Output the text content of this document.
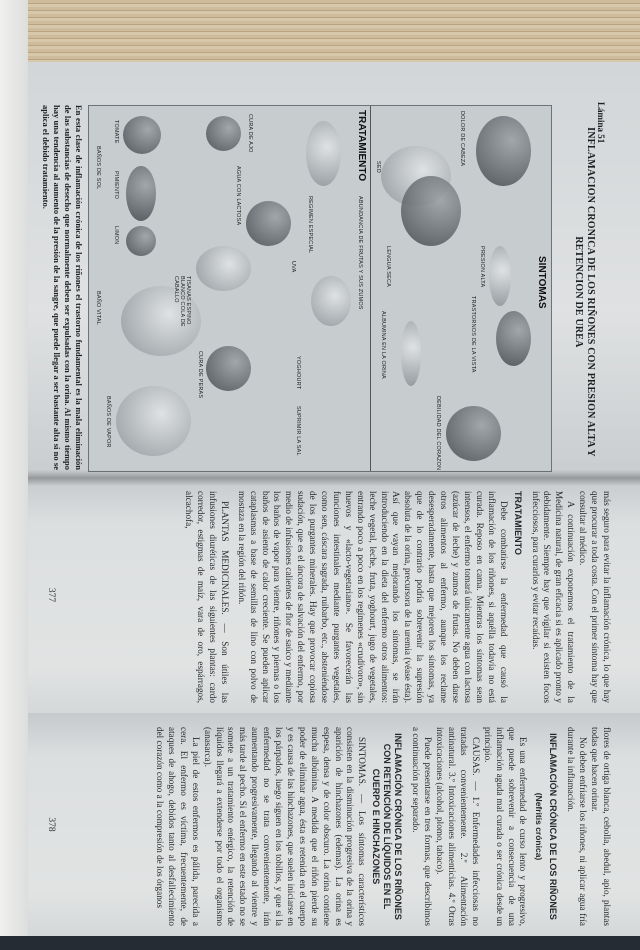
Lámina 51
INFLAMACION CRONICA DE LOS RIÑONES CON PRESION ALTA Y RETENCION DE UREA
SINTOMAS
TRATAMIENTO	DOLOR DE CABEZA
SED
LENGUA SECA	PRESION ALTA
TRASTORNOS DE LA VISTA
ALBUMINA EN LA ORINA
DEBILIDAD DEL CORAZON
ABUNDANCIA DE FRUTAS Y SUS ZUMOS
REGIMEN ESPECIAL
CURA DE AJO
AGUA CON LACTOSA
UVA
TISANAS ESPINO BLANCO COLA DE CABALLO
YOGHOURT
CURA DE PERAS
SUPRIMIR LA SAL
TOMATE
PIMIENTO
LIMON
BAÑOS DE SOL
BAÑO VITAL
BAÑOS DE VAPOR
En esta clase de inflamación crónica de los riñones el trastorno fundamental es la mala eliminación de las substancias de desecho que normalmente deben ser expulsadas con la orina. Al mismo tiempo hay una tendencia al aumento de la presión de la sangre, que puede llegar a ser bastante alta si no se aplica el debido tratamiento.

más seguro para evitar la inflamación crónica, lo que hay que procurar a toda costa. Con el primer síntoma hay que consultar al médico.

A continuación exponemos el tratamiento de la Medicina natural, de gran eficacia si es aplicado pronto y debidamente. Siempre hay que vigilar si existen focos infecciosos, para curarlos y evitar recaídas.

TRATAMIENTO

Debe combatirse la enfermedad que causó la inflamación de los riñones, si aquélla todavía no está curada. Reposo en cama. Mientras los síntomas sean intensos, el enfermo tomará únicamente agua con lactosa (azúcar de leche) y zumos de frutas. No deben darse otros alimentos al enfermo, aunque los reclame desesperadamente, hasta que mejoren los síntomas, ya que de lo contrario podría sobrevenir la supresión absoluta de la orina, precursora de la uremia (véase ésta). Así que vayan mejorando los síntomas, se irán introduciendo en la dieta del enfermo otros alimentos: leche vegetal, leche, fruta, yoghourt, jugo de vegetales, entrando poco a poco en los regímenes «crudívoro», sin huevos y «lacto-vegetariano». Se favorecerán las funciones intestinales mediante purgantes vegetales, como sen, cáscara sagrada, ruibarbo, etc., absteniéndose de los purgantes minerales. Hay que provocar copiosa sudación, que es el áncora de salvación del enfermo, por medio de infusiones calientes de flor de saúco y mediante los baños de vapor para vientre, riñones y piernas o los baños de asiento de calor creciente. Se pueden aplicar cataplasmas a base de semillas de lino con polvo de mostaza en la región del riñón.

PLANTAS MEDICINALES. — Son útiles las infusiones diuréticas de las siguientes plantas: cardo corredor, estigmas de maíz, vara de oro, espárragos, alcachofa,

377

flores de ortiga blanca, cebolla, abedul, apio, plantas todas que hacen orinar.

No deben enfriarse los riñones, ni aplicar agua fría durante la inflamación.

INFLAMACIÓN CRÓNICA DE LOS RIÑONES
(Nefritis crónica)

Es una enfermedad de curso lento y progresivo, que puede sobrevenir a consecuencia de una inflamación aguda mal curada o ser crónica desde un principio.

CAUSAS. — 1.º Enfermedades infecciosas no tratadas convenientemente. 2.º Alimentación antinatural. 3.º Intoxicaciones alimenticias. 4.º Otras intoxicaciones (alcohol, plomo, tabaco).

Puede presentarse en tres formas, que describimos a continuación por separado.

INFLAMACIÓN CRÓNICA DE LOS RIÑONES CON RETENCIÓN DE LÍQUIDOS EN EL CUERPO E HINCHAZONES

SINTOMAS. — Los síntomas característicos consisten en la disminución progresiva de la orina y aparición de hinchazones (edemas). La orina es espesa, densa y de color obscuro. La orina contiene mucha albúmina. A medida que el riñón pierde su poder de eliminar agua, ésta es retenida en el cuerpo y es causa de las hinchazones, que suelen iniciarse en los párpados, luego siguen en los tobillos, y que si la enfermedad no se trata convenientemente, irán aumentando progresivamente, llegando al vientre y más tarde al pecho. Si el enfermo en este estado no se somete a un tratamiento enérgico, la retención de líquidos llegará a extenderse por todo el organismo (anasarca).

La piel de estos enfermos es pálida, parecida a cera. El enfermo es víctima, frecuentemente, de ataques de ahogo, debidos tanto al desfallecimiento del corazón como a la compresión de los órganos

378
